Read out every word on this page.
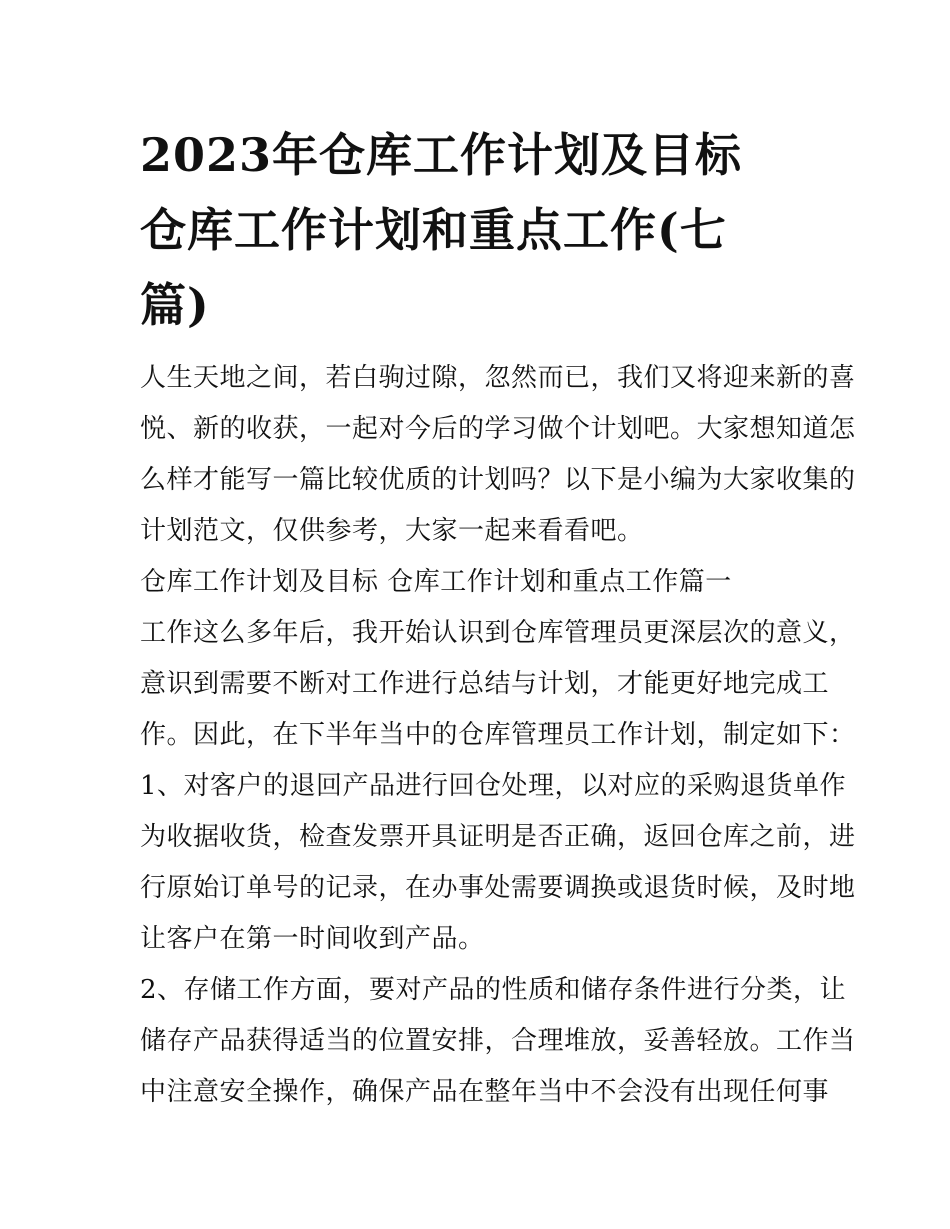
2023年仓库工作计划及目标
仓库工作计划和重点工作(七
篇)
人生天地之间，若白驹过隙，忽然而已，我们又将迎来新的喜
悦、新的收获，一起对今后的学习做个计划吧。大家想知道怎
么样才能写一篇比较优质的计划吗？以下是小编为大家收集的
计划范文，仅供参考，大家一起来看看吧。
仓库工作计划及目标 仓库工作计划和重点工作篇一
工作这么多年后，我开始认识到仓库管理员更深层次的意义，
意识到需要不断对工作进行总结与计划，才能更好地完成工
作。因此，在下半年当中的仓库管理员工作计划，制定如下：
1、对客户的退回产品进行回仓处理，以对应的采购退货单作
为收据收货，检查发票开具证明是否正确，返回仓库之前，进
行原始订单号的记录，在办事处需要调换或退货时候，及时地
让客户在第一时间收到产品。
2、存储工作方面，要对产品的性质和储存条件进行分类，让
储存产品获得适当的位置安排，合理堆放，妥善轻放。工作当
中注意安全操作，确保产品在整年当中不会没有出现任何事
